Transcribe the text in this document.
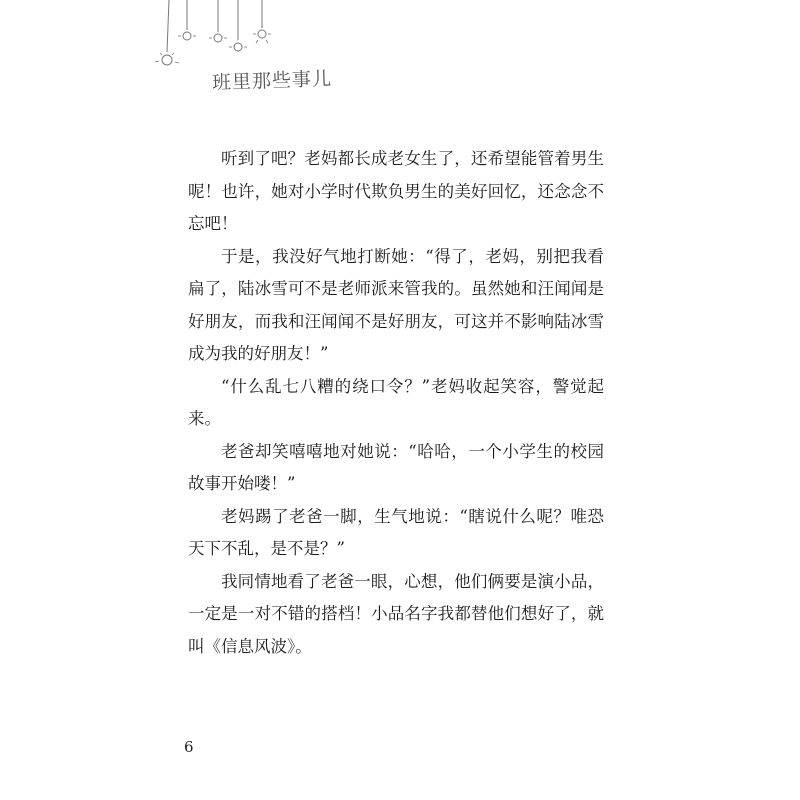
班里那些事儿

听到了吧？老妈都长成老女生了，还希望能管着男生呢！也许，她对小学时代欺负男生的美好回忆，还念念不忘吧！

于是，我没好气地打断她：“得了，老妈，别把我看扁了，陆冰雪可不是老师派来管我的。虽然她和汪闻闻是好朋友，而我和汪闻闻不是好朋友，可这并不影响陆冰雪成为我的好朋友！”

“什么乱七八糟的绕口令？”老妈收起笑容，警觉起来。

老爸却笑嘻嘻地对她说：“哈哈，一个小学生的校园故事开始喽！”

老妈踢了老爸一脚，生气地说：“瞎说什么呢？唯恐天下不乱，是不是？”

我同情地看了老爸一眼，心想，他们俩要是演小品，一定是一对不错的搭档！小品名字我都替他们想好了，就叫《信息风波》。

6
